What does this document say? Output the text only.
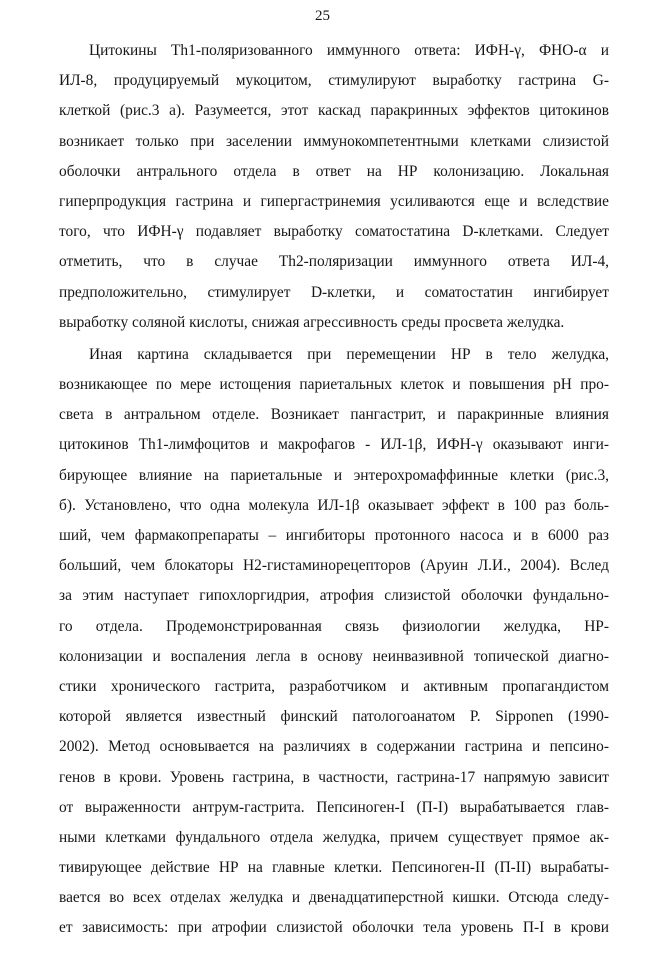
25
Цитокины Th1-поляризованного иммунного ответа: ИФН-γ, ФНО-α и
ИЛ-8, продуцируемый мукоцитом, стимулируют выработку гастрина G-
клеткой (рис.3 а). Разумеется, этот каскад паракринных эффектов цитокинов
возникает только при заселении иммунокомпетентными клетками слизистой
оболочки антрального отдела в ответ на НР колонизацию. Локальная
гиперпродукция гастрина и гипергастринемия усиливаются еще и вследствие
того, что ИФН-γ подавляет выработку соматостатина D-клетками. Следует
отметить, что в случае Th2-поляризации иммунного ответа ИЛ-4,
предположительно, стимулирует D-клетки, и соматостатин ингибирует
выработку соляной кислоты, снижая агрессивность среды просвета желудка.
Иная картина складывается при перемещении НР в тело желудка,
возникающее по мере истощения париетальных клеток и повышения рН про-
света в антральном отделе. Возникает пангастрит, и паракринные влияния
цитокинов Th1-лимфоцитов и макрофагов - ИЛ-1β, ИФН-γ оказывают инги-
бирующее влияние на париетальные и энтерохромаффинные клетки (рис.3,
б). Установлено, что одна молекула ИЛ-1β оказывает эффект в 100 раз боль-
ший, чем фармакопрепараты – ингибиторы протонного насоса и в 6000 раз
больший, чем блокаторы Н2-гистаминорецепторов (Аруин Л.И., 2004). Вслед
за этим наступает гипохлоргидрия, атрофия слизистой оболочки фундально-
го отдела. Продемонстрированная связь физиологии желудка, НР-
колонизации и воспаления легла в основу неинвазивной топической диагно-
стики хронического гастрита, разработчиком и активным пропагандистом
которой является известный финский патологоанатом P. Sipponen (1990-
2002). Метод основывается на различиях в содержании гастрина и пепсино-
генов в крови. Уровень гастрина, в частности, гастрина-17 напрямую зависит
от выраженности антрум-гастрита. Пепсиноген-I (П-I) вырабатывается глав-
ными клетками фундального отдела желудка, причем существует прямое ак-
тивирующее действие НР на главные клетки. Пепсиноген-II (П-II) вырабаты-
вается во всех отделах желудка и двенадцатиперстной кишки. Отсюда следу-
ет зависимость: при атрофии слизистой оболочки тела уровень П-I в крови
